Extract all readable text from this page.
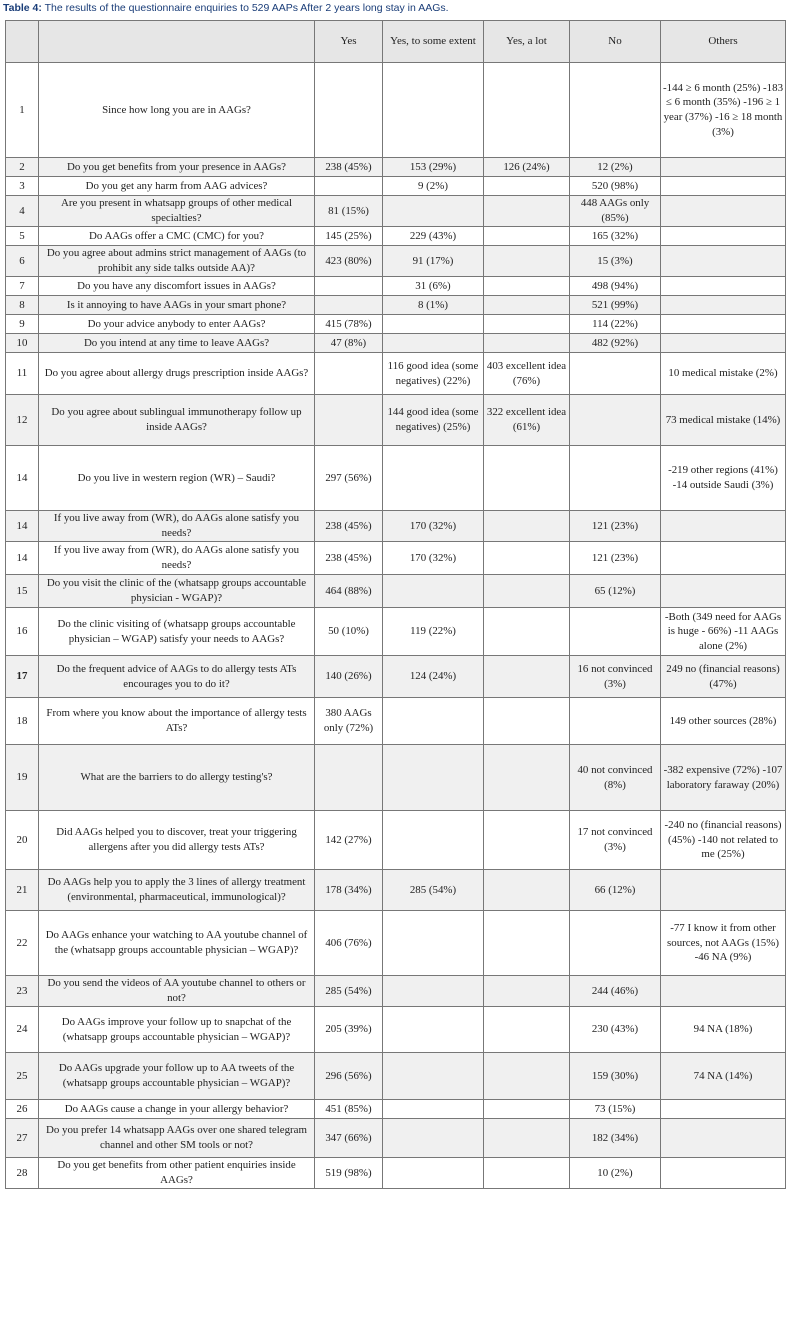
Table 4: The results of the questionnaire enquiries to 529 AAPs After 2 years long stay in AAGs.
		Yes	Yes, to some extent	Yes, a lot	No	Others
1	Since how long you are in AAGs?					-144 ≥ 6 month (25%) -183 ≤ 6 month (35%) -196 ≥ 1 year (37%) -16 ≥ 18 month (3%)
2	Do you get benefits from your presence in AAGs?	238 (45%)	153 (29%)	126 (24%)	12 (2%)	
3	Do you get any harm from AAG advices?		9 (2%)		520 (98%)	
4	Are you present in whatsapp groups of other medical specialties?	81 (15%)			448 AAGs only (85%)	
5	Do AAGs offer a CMC (CMC) for you?	145 (25%)	229 (43%)		165 (32%)	
6	Do you agree about admins strict management of AAGs (to prohibit any side talks outside AA)?	423 (80%)	91 (17%)		15 (3%)	
7	Do you have any discomfort issues in AAGs?		31 (6%)		498 (94%)	
8	Is it annoying to have AAGs in your smart phone?		8 (1%)		521 (99%)	
9	Do your advice anybody to enter AAGs?	415 (78%)			114 (22%)	
10	Do you intend at any time to leave AAGs?	47 (8%)			482 (92%)	
11	Do you agree about allergy drugs prescription inside AAGs?		116 good idea (some negatives) (22%)	403 excellent idea (76%)		10 medical mistake (2%)
12	Do you agree about sublingual immunotherapy follow up inside AAGs?		144 good idea (some negatives) (25%)	322 excellent idea (61%)		73 medical mistake (14%)
14	Do you live in western region (WR) – Saudi?	297 (56%)				-219 other regions (41%) -14 outside Saudi (3%)
14	If you live away from (WR), do AAGs alone satisfy you needs?	238 (45%)	170 (32%)		121 (23%)	
14	If you live away from (WR), do AAGs alone satisfy you needs?	238 (45%)	170 (32%)		121 (23%)	
15	Do you visit the clinic of the (whatsapp groups accountable physician - WGAP)?	464 (88%)			65 (12%)	
16	Do the clinic visiting of (whatsapp groups accountable physician – WGAP) satisfy your needs to AAGs?	50 (10%)	119 (22%)			-Both (349 need for AAGs is huge - 66%) -11 AAGs alone (2%)
17	Do the frequent advice of AAGs to do allergy tests ATs encourages you to do it?	140 (26%)	124 (24%)		16 not convinced (3%)	249 no (financial reasons) (47%)
18	From where you know about the importance of allergy tests ATs?	380 AAGs only (72%)				149 other sources (28%)
19	What are the barriers to do allergy testing's?				40 not convinced (8%)	-382 expensive (72%) -107 laboratory faraway (20%)
20	Did AAGs helped you to discover, treat your triggering allergens after you did allergy tests ATs?	142 (27%)			17 not convinced (3%)	-240 no (financial reasons) (45%) -140 not related to me (25%)
21	Do AAGs help you to apply the 3 lines of allergy treatment (environmental, pharmaceutical, immunological)?	178 (34%)	285 (54%)		66 (12%)	
22	Do AAGs enhance your watching to AA youtube channel of the (whatsapp groups accountable physician – WGAP)?	406 (76%)				-77 I know it from other sources, not AAGs (15%) -46 NA (9%)
23	Do you send the videos of AA youtube channel to others or not?	285 (54%)			244 (46%)	
24	Do AAGs improve your follow up to snapchat of the (whatsapp groups accountable physician – WGAP)?	205 (39%)			230 (43%)	94 NA (18%)
25	Do AAGs upgrade your follow up to AA tweets of the (whatsapp groups accountable physician – WGAP)?	296 (56%)			159 (30%)	74 NA (14%)
26	Do AAGs cause a change in your allergy behavior?	451 (85%)			73 (15%)	
27	Do you prefer 14 whatsapp AAGs over one shared telegram channel and other SM tools or not?	347 (66%)			182 (34%)	
28	Do you get benefits from other patient enquiries inside AAGs?	519 (98%)			10 (2%)	
